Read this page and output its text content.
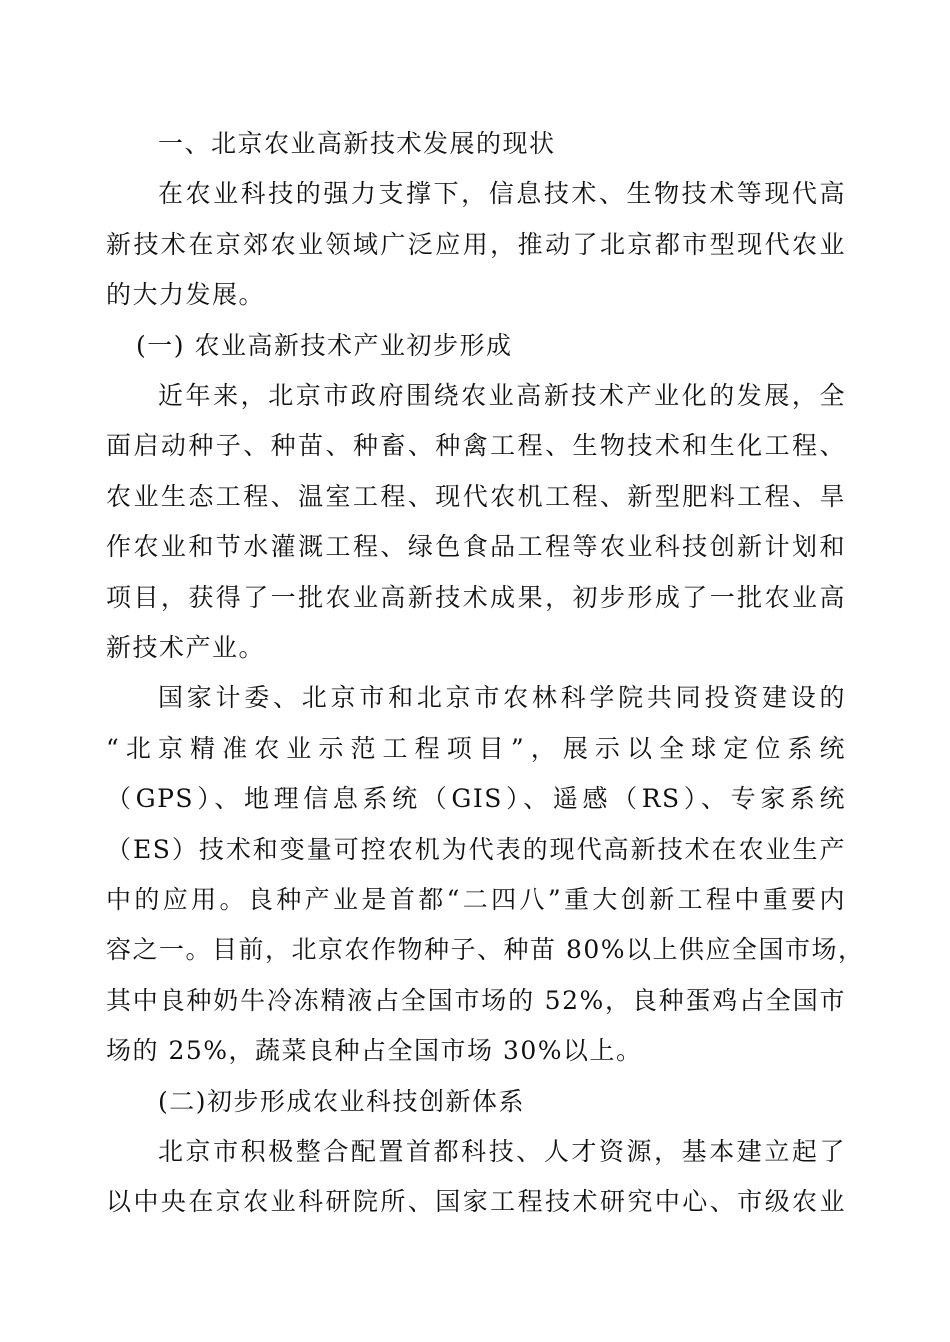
一、北京农业高新技术发展的现状
在农业科技的强力支撑下，信息技术、生物技术等现代高
新技术在京郊农业领域广泛应用，推动了北京都市型现代农业
的大力发展。
(一) 农业高新技术产业初步形成
近年来，北京市政府围绕农业高新技术产业化的发展，全
面启动种子、种苗、种畜、种禽工程、生物技术和生化工程、
农业生态工程、温室工程、现代农机工程、新型肥料工程、旱
作农业和节水灌溉工程、绿色食品工程等农业科技创新计划和
项目，获得了一批农业高新技术成果，初步形成了一批农业高
新技术产业。
国家计委、北京市和北京市农林科学院共同投资建设的
“北京精准农业示范工程项目”，展示以全球定位系统
（GPS）、地理信息系统（GIS）、遥感（RS）、专家系统
（ES）技术和变量可控农机为代表的现代高新技术在农业生产
中的应用。良种产业是首都“二四八”重大创新工程中重要内
容之一。目前，北京农作物种子、种苗 80%以上供应全国市场，
其中良种奶牛冷冻精液占全国市场的 52%，良种蛋鸡占全国市
场的 25%，蔬菜良种占全国市场 30%以上。
(二)初步形成农业科技创新体系
北京市积极整合配置首都科技、人才资源，基本建立起了
以中央在京农业科研院所、国家工程技术研究中心、市级农业
